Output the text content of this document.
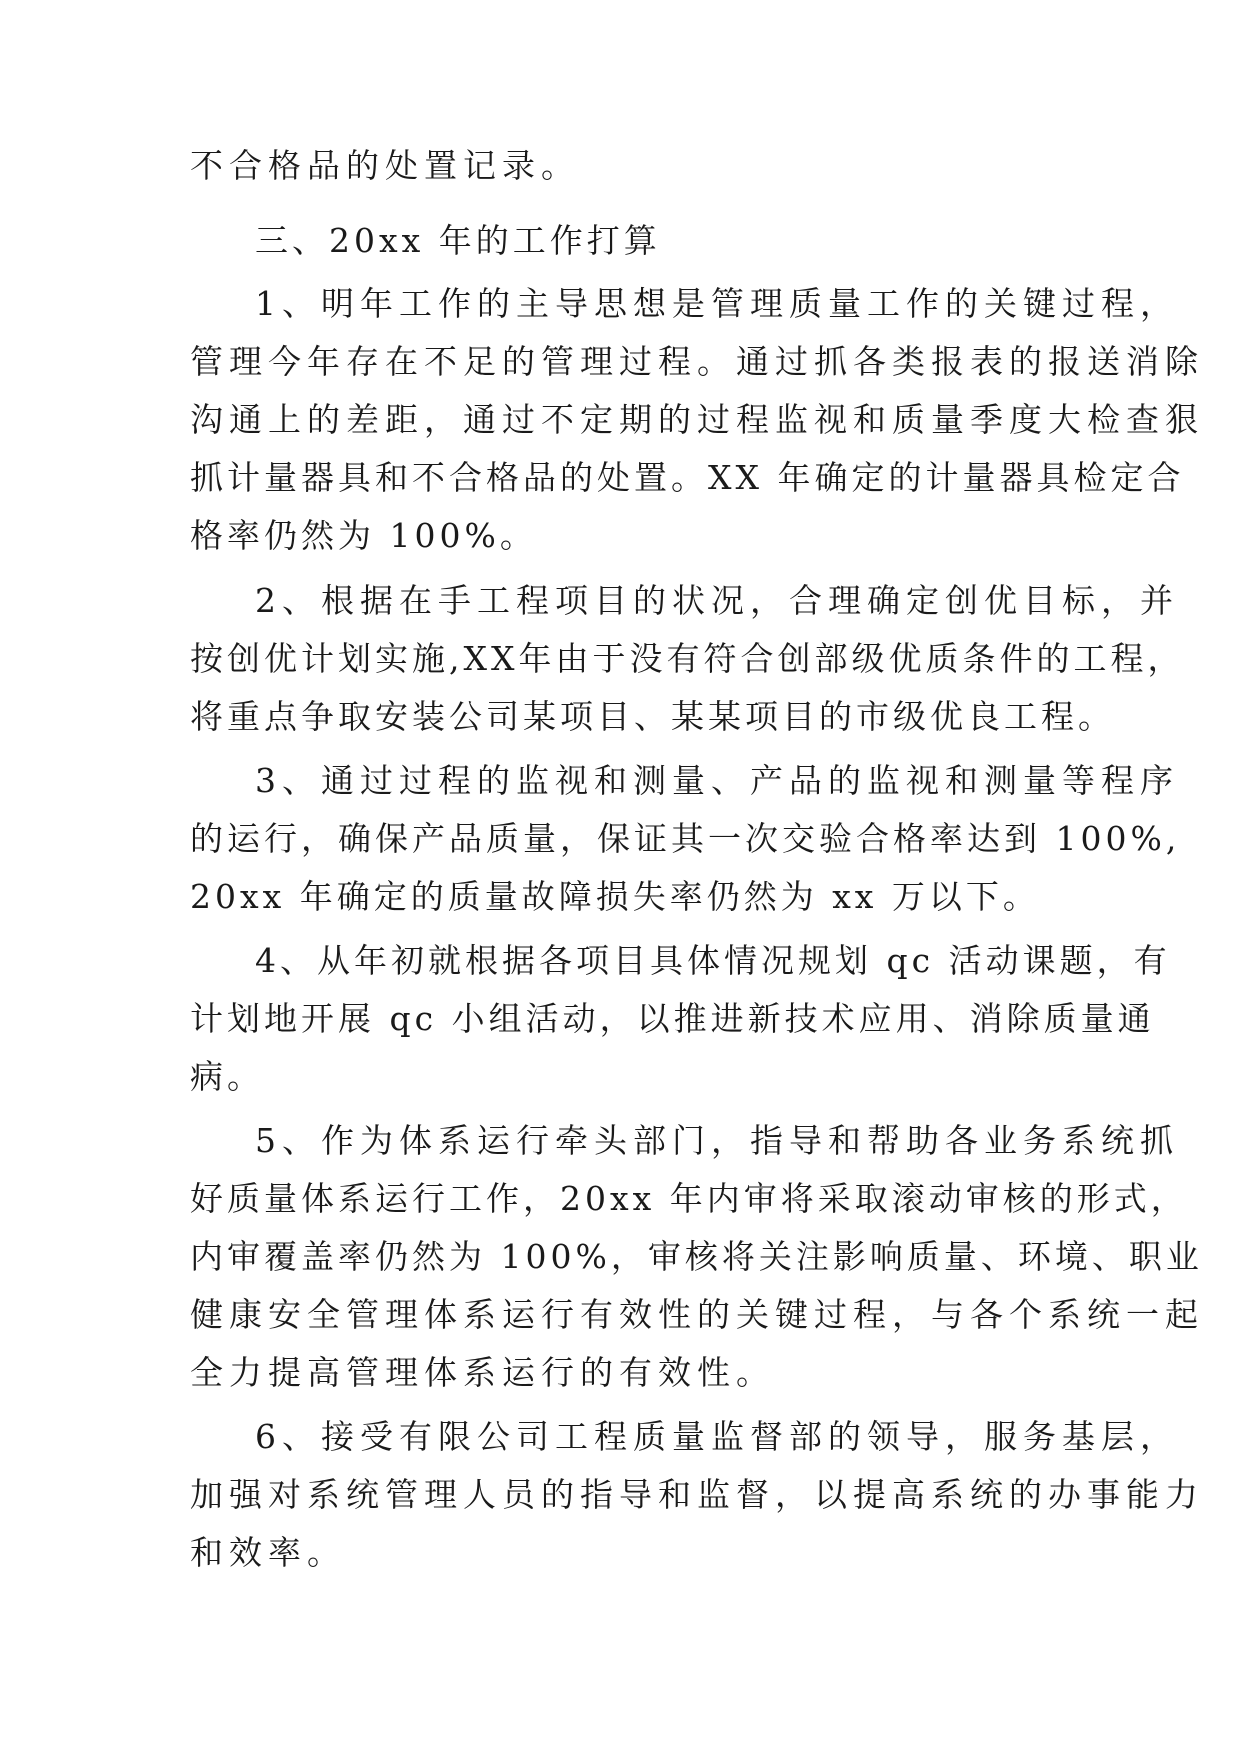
不合格品的处置记录。

三、20xx 年的工作打算

1、明年工作的主导思想是管理质量工作的关键过程，

管理今年存在不足的管理过程。通过抓各类报表的报送消除

沟通上的差距，通过不定期的过程监视和质量季度大检查狠

抓计量器具和不合格品的处置。XX 年确定的计量器具检定合

格率仍然为 100%。

2、根据在手工程项目的状况，合理确定创优目标，并

按创优计划实施,XX年由于没有符合创部级优质条件的工程，

将重点争取安装公司某项目、某某项目的市级优良工程。

3、通过过程的监视和测量、产品的监视和测量等程序

的运行，确保产品质量，保证其一次交验合格率达到 100%,

20xx 年确定的质量故障损失率仍然为 xx 万以下。

4、从年初就根据各项目具体情况规划 qc 活动课题，有

计划地开展 qc 小组活动，以推进新技术应用、消除质量通

病。

5、作为体系运行牵头部门，指导和帮助各业务系统抓

好质量体系运行工作，20xx 年内审将采取滚动审核的形式，

内审覆盖率仍然为 100%，审核将关注影响质量、环境、职业

健康安全管理体系运行有效性的关键过程，与各个系统一起

全力提高管理体系运行的有效性。

6、接受有限公司工程质量监督部的领导，服务基层，

加强对系统管理人员的指导和监督，以提高系统的办事能力

和效率。
